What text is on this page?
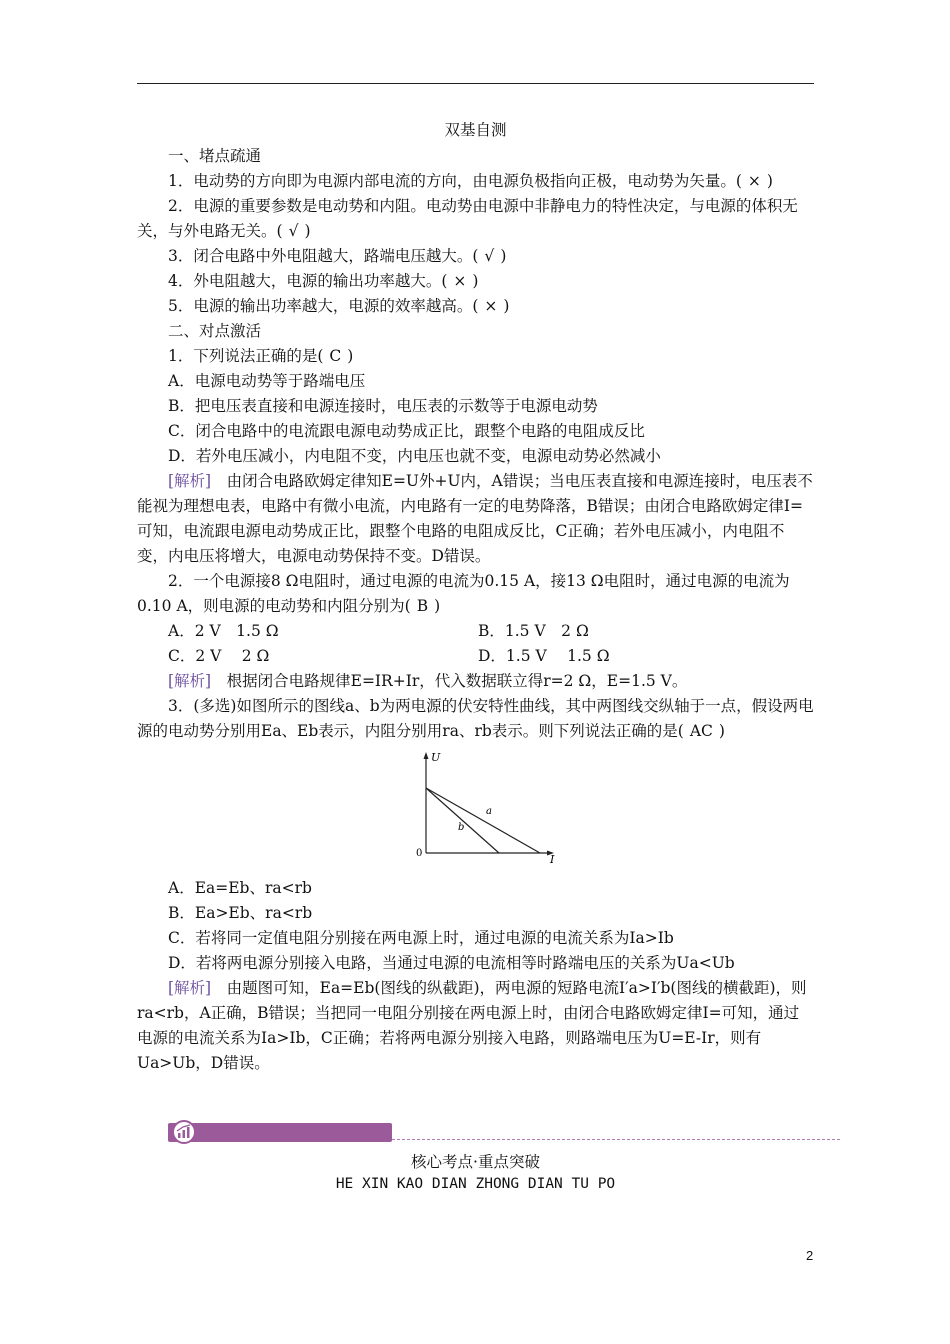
双基自测

一、堵点疏通

1．电动势的方向即为电源内部电流的方向，由电源负极指向正极，电动势为矢量。( × )

2．电源的重要参数是电动势和内阻。电动势由电源中非静电力的特性决定，与电源的体积无关，与外电路无关。( √ )

3．闭合电路中外电阻越大，路端电压越大。( √ )

4．外电阻越大，电源的输出功率越大。( × )

5．电源的输出功率越大，电源的效率越高。( × )

二、对点激活

1．下列说法正确的是( C )

A．电源电动势等于路端电压

B．把电压表直接和电源连接时，电压表的示数等于电源电动势

C．闭合电路中的电流跟电源电动势成正比，跟整个电路的电阻成反比

D．若外电压减小，内电阻不变，内电压也就不变，电源电动势必然减小

[解析]　 由闭合电路欧姆定律知E=U外+U内，A错误；当电压表直接和电源连接时，电压表不能视为理想电表，电路中有微小电流，内电路有一定的电势降落，B错误；由闭合电路欧姆定律I=可知，电流跟电源电动势成正比，跟整个电路的电阻成反比，C正确；若外电压减小，内电阻不变，内电压将增大，电源电动势保持不变。D错误。

2．一个电源接8 Ω电阻时，通过电源的电流为0.15 A，接13 Ω电阻时，通过电源的电流为0.10 A，则电源的电动势和内阻分别为( B )

A．2 V　1.5 Ω	B．1.5 V　2 Ω
C．2 V　 2 Ω	D．1.5 V　 1.5 Ω

[解析]　 根据闭合电路规律E=IR+Ir，代入数据联立得r=2 Ω，E=1.5 V。

3．(多选)如图所示的图线a、b为两电源的伏安特性曲线，其中两图线交纵轴于一点，假设两电源的电动势分别用Ea、Eb表示，内阻分别用ra、rb表示。则下列说法正确的是( AC )

U
I
0
a
b

A．Ea=Eb、ra<rb

B．Ea>Eb、ra<rb

C．若将同一定值电阻分别接在两电源上时，通过电源的电流关系为Ia>Ib

D．若将两电源分别接入电路，当通过电源的电流相等时路端电压的关系为Ua<Ub

[解析]　 由题图可知，Ea=Eb(图线的纵截距)，两电源的短路电流I′a>I′b(图线的横截距)，则ra<rb，A正确，B错误；当把同一电阻分别接在两电源上时，由闭合电路欧姆定律I=可知，通过电源的电流关系为Ia>Ib，C正确；若将两电源分别接入电路，则路端电压为U=E-Ir，则有Ua>Ub，D错误。

核心考点·重点突破
HE XIN KAO DIAN ZHONG DIAN TU PO
2
